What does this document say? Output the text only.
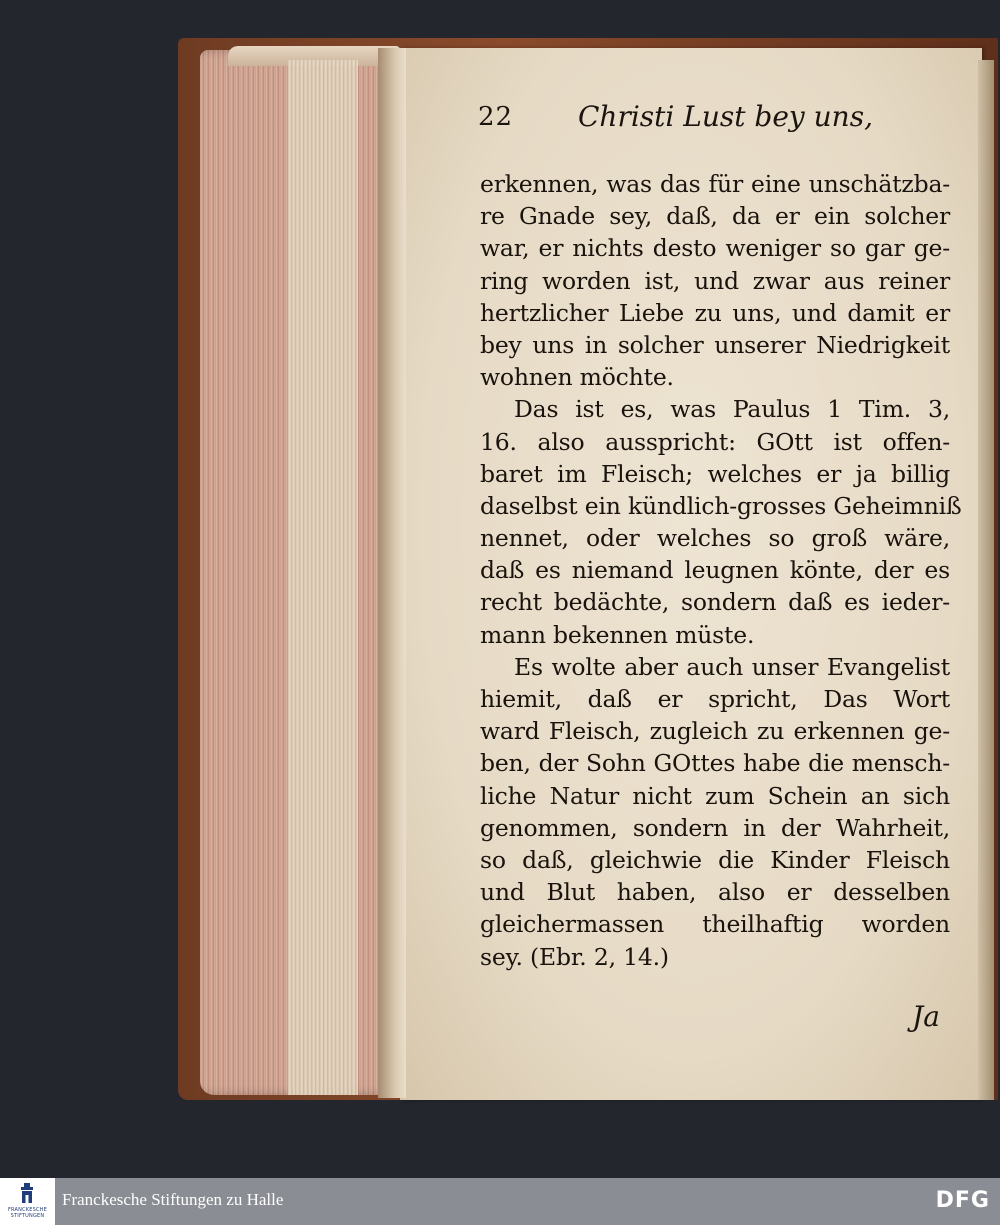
22 Christi Lust bey uns,
erkennen, was das für eine unschätzba-
re Gnade sey, daß, da er ein solcher
war, er nichts desto weniger so gar ge-
ring worden ist, und zwar aus reiner
hertzlicher Liebe zu uns, und damit er
bey uns in solcher unserer Niedrigkeit
wohnen möchte.
Das ist es, was Paulus 1 Tim. 3,
16. also ausspricht: GOtt ist offen-
baret im Fleisch; welches er ja billig
daselbst ein kündlich-grosses Geheimniß
nennet, oder welches so groß wäre,
daß es niemand leugnen könte, der es
recht bedächte, sondern daß es ieder-
mann bekennen müste.
Es wolte aber auch unser Evangelist
hiemit, daß er spricht, Das Wort
ward Fleisch, zugleich zu erkennen ge-
ben, der Sohn GOttes habe die mensch-
liche Natur nicht zum Schein an sich
genommen, sondern in der Wahrheit,
so daß, gleichwie die Kinder Fleisch
und Blut haben, also er desselben
gleichermassen theilhaftig worden
sey. (Ebr. 2, 14.)
Ja
FRANCKESCHE STIFTUNGEN
Franckesche Stiftungen zu Halle	DFG
